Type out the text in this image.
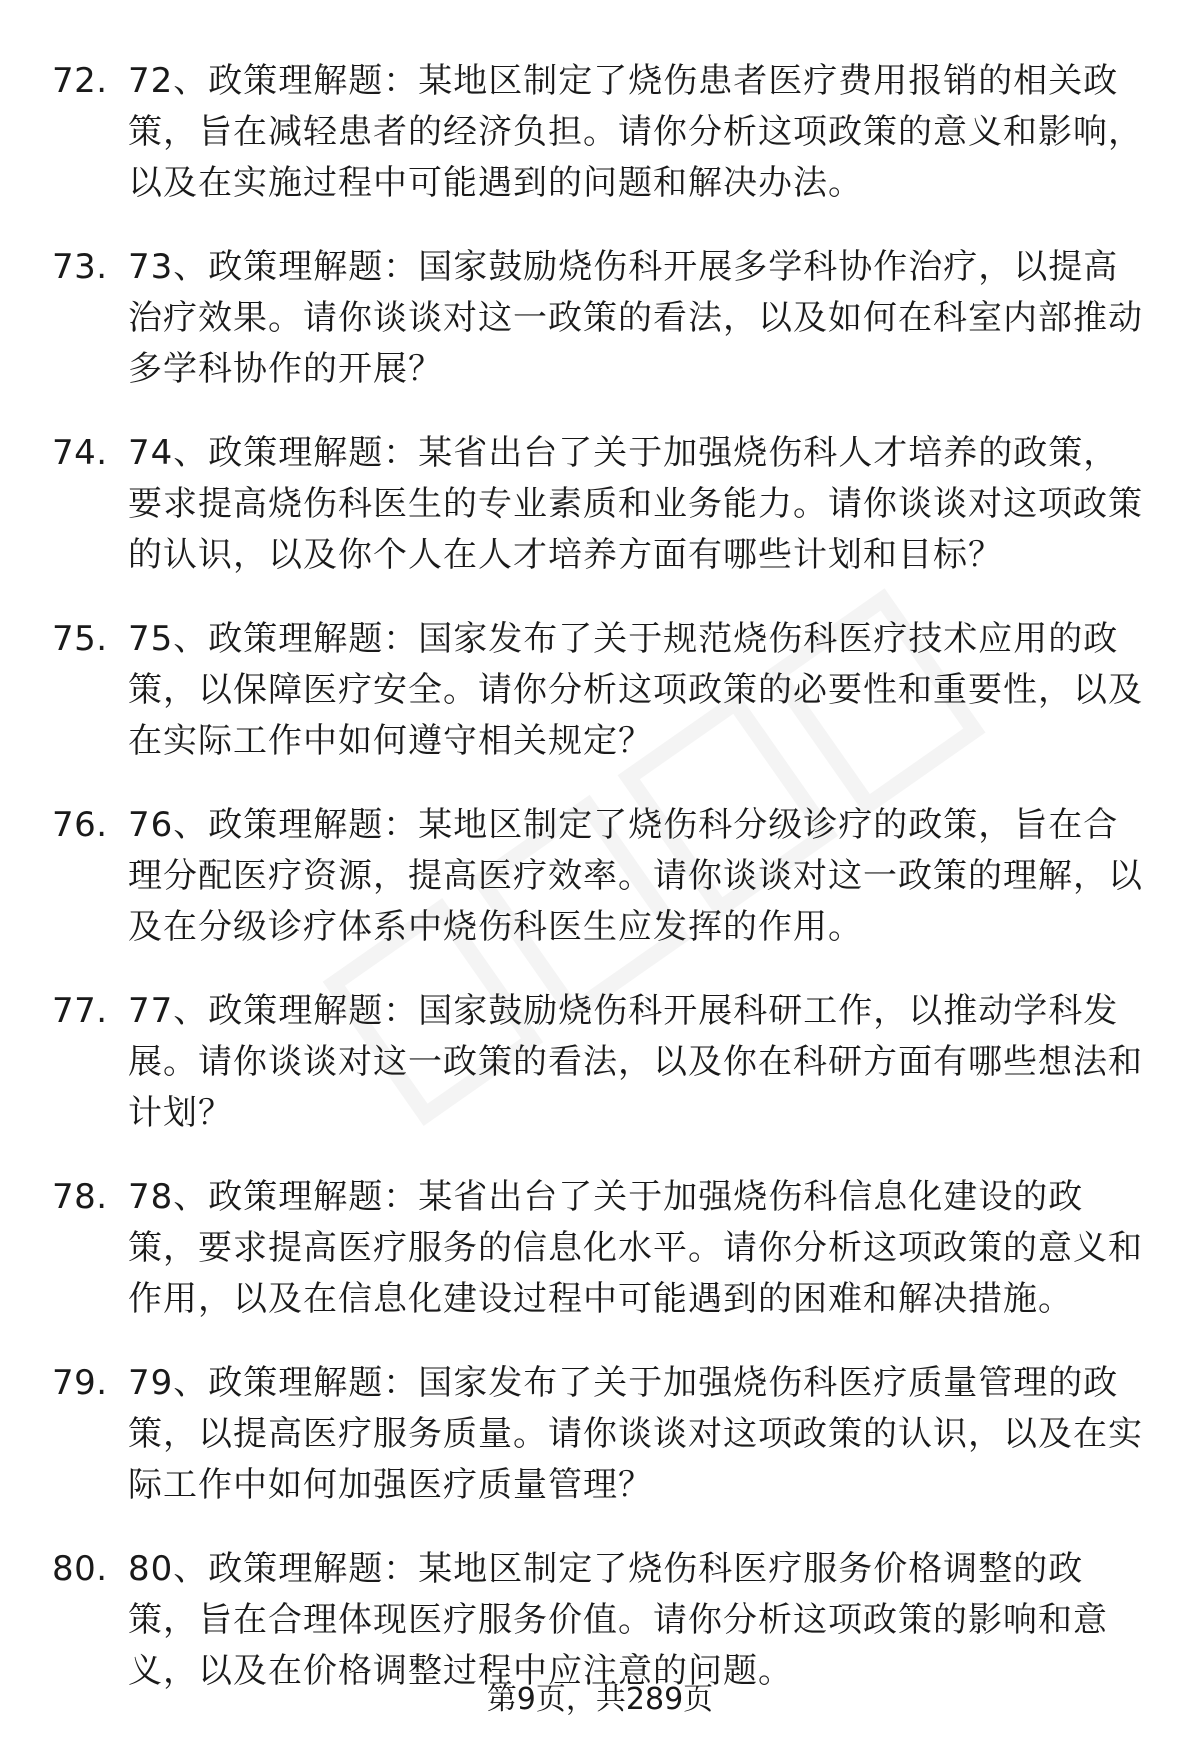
72. 72、政策理解题：某地区制定了烧伤患者医疗费用报销的相关政策，旨在减轻患者的经济负担。请你分析这项政策的意义和影响，以及在实施过程中可能遇到的问题和解决办法。
73. 73、政策理解题：国家鼓励烧伤科开展多学科协作治疗，以提高治疗效果。请你谈谈对这一政策的看法，以及如何在科室内部推动多学科协作的开展？
74. 74、政策理解题：某省出台了关于加强烧伤科人才培养的政策，要求提高烧伤科医生的专业素质和业务能力。请你谈谈对这项政策的认识，以及你个人在人才培养方面有哪些计划和目标？
75. 75、政策理解题：国家发布了关于规范烧伤科医疗技术应用的政策，以保障医疗安全。请你分析这项政策的必要性和重要性，以及在实际工作中如何遵守相关规定？
76. 76、政策理解题：某地区制定了烧伤科分级诊疗的政策，旨在合理分配医疗资源，提高医疗效率。请你谈谈对这一政策的理解，以及在分级诊疗体系中烧伤科医生应发挥的作用。
77. 77、政策理解题：国家鼓励烧伤科开展科研工作，以推动学科发展。请你谈谈对这一政策的看法，以及你在科研方面有哪些想法和计划？
78. 78、政策理解题：某省出台了关于加强烧伤科信息化建设的政策，要求提高医疗服务的信息化水平。请你分析这项政策的意义和作用，以及在信息化建设过程中可能遇到的困难和解决措施。
79. 79、政策理解题：国家发布了关于加强烧伤科医疗质量管理的政策，以提高医疗服务质量。请你谈谈对这项政策的认识，以及在实际工作中如何加强医疗质量管理？
80. 80、政策理解题：某地区制定了烧伤科医疗服务价格调整的政策，旨在合理体现医疗服务价值。请你分析这项政策的影响和意义，以及在价格调整过程中应注意的问题。
第9页，共289页
